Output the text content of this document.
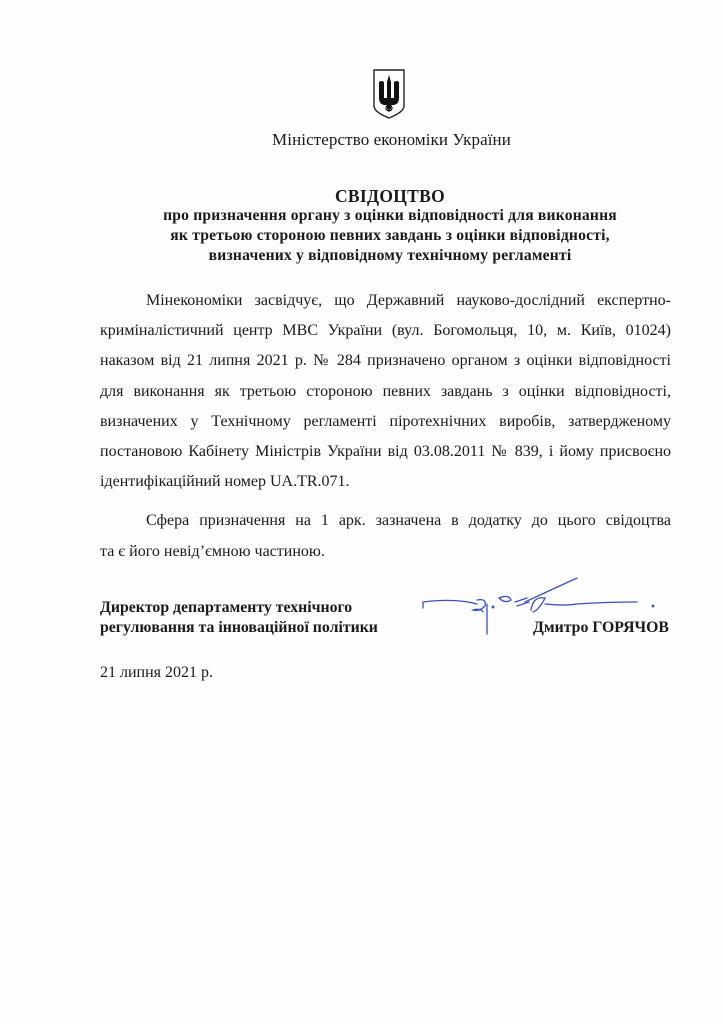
Міністерство економіки України
СВІДОЦТВО
про призначення органу з оцінки відповідності для виконання
як третьою стороною певних завдань з оцінки відповідності,
визначених у відповідному технічному регламенті

Мінекономіки засвідчує, що Державний науково-дослідний експертно-
криміналістичний центр МВС України (вул. Богомольця, 10, м. Київ, 01024)
наказом від 21 липня 2021 р. № 284 призначено органом з оцінки відповідності
для виконання як третьою стороною певних завдань з оцінки відповідності,
визначених у Технічному регламенті піротехнічних виробів, затвердженому
постановою Кабінету Міністрів України від 03.08.2011 № 839, і йому присвоєно
ідентифікаційний номер UA.TR.071.

Сфера призначення на 1 арк. зазначена в додатку до цього свідоцтва
та є його невід’ємною частиною.

Директор департаменту технічного
регулювання та інноваційної політики	Дмитро ГОРЯЧОВ
21 липня 2021 р.
